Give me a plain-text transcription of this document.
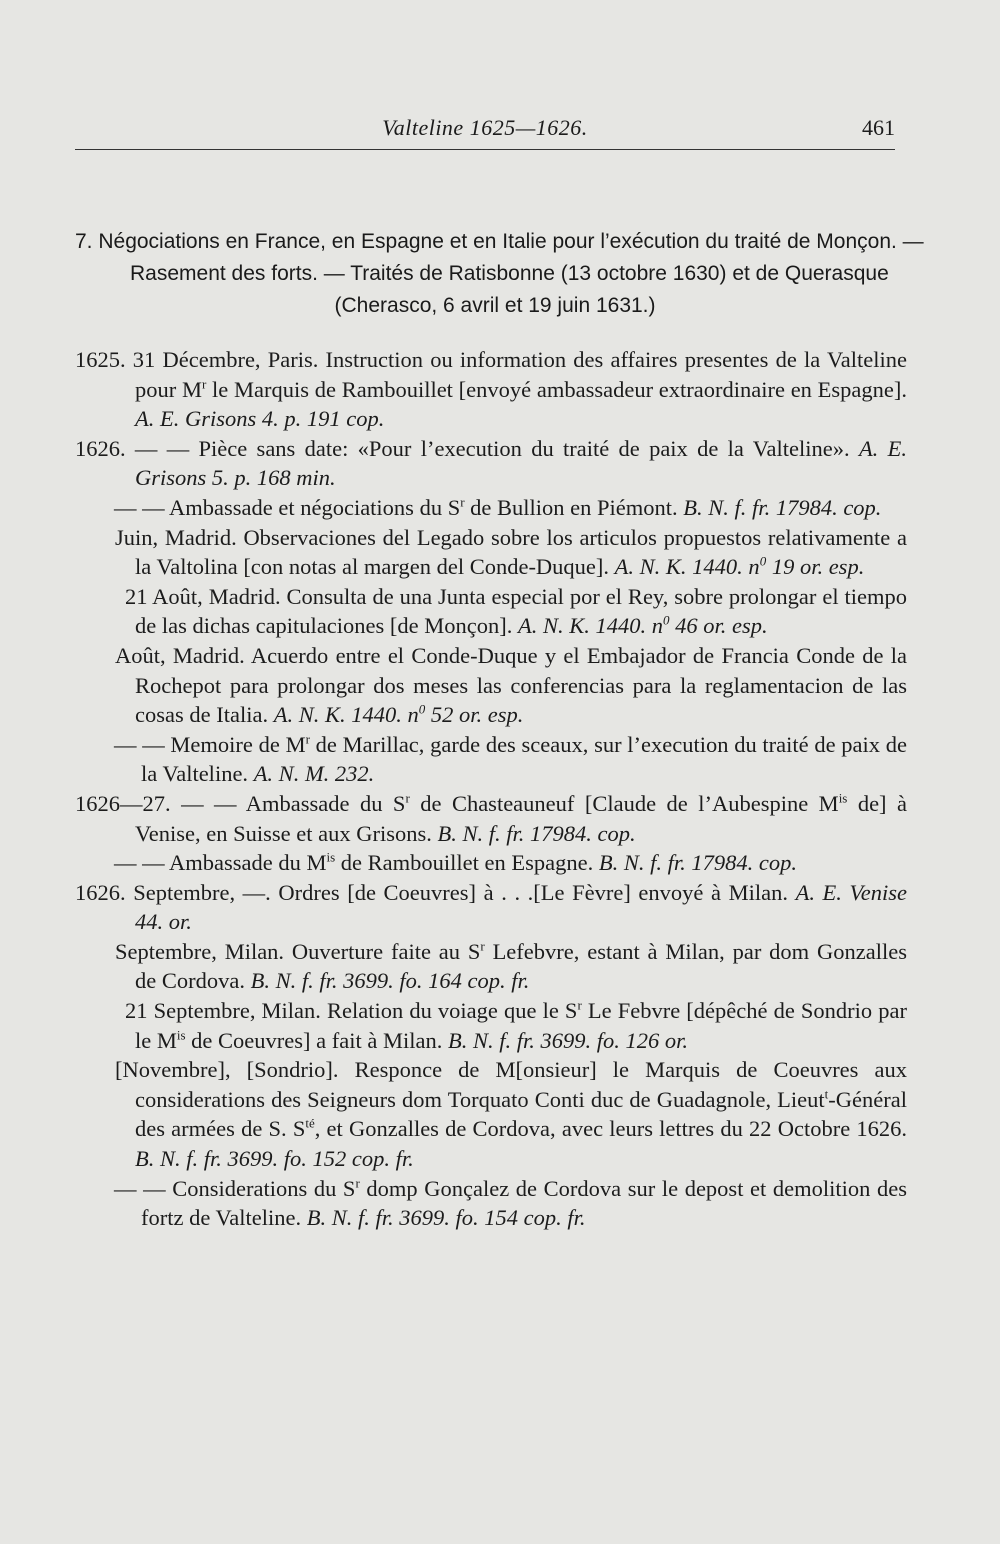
Valteline 1625—1626.	461
7. Négociations en France, en Espagne et en Italie pour l’exécution du traité de Monçon. —
Rasement des forts. — Traités de Ratisbonne (13 octobre 1630) et de Querasque
(Cherasco, 6 avril et 19 juin 1631.)
1625. 31 Décembre, Paris. Instruction ou information des affaires presentes de la Valteline pour $M^r$ le Marquis de Rambouillet [envoyé ambassadeur extraordinaire en Espagne]. A. E. Grisons 4. p. 191 cop.
1626. — — Pièce sans date: «Pour l’execution du traité de paix de la Valteline». A. E. Grisons 5. p. 168 min.
— — Ambassade et négociations du $S^r$ de Bullion en Piémont. B. N. f. fr. 17984. cop.
Juin, Madrid. Observaciones del Legado sobre los articulos propuestos relativamente a la Valtolina [con notas al margen del Conde-Duque]. A. N. K. 1440. n$^0$ 19 or. esp.
21 Août, Madrid. Consulta de una Junta especial por el Rey, sobre prolongar el tiempo de las dichas capitulaciones [de Monçon]. A. N. K. 1440. n$^0$ 46 or. esp.
Août, Madrid. Acuerdo entre el Conde-Duque y el Embajador de Francia Conde de la Rochepot para prolongar dos meses las conferencias para la reglamentacion de las cosas de Italia. A. N. K. 1440. n$^0$ 52 or. esp.
— — Memoire de $M^r$ de Marillac, garde des sceaux, sur l’execution du traité de paix de la Valteline. A. N. M. 232.
1626—27. — — Ambassade du $S^r$ de Chasteauneuf [Claude de l’Aubespine $M^{is}$ de] à Venise, en Suisse et aux Grisons. B. N. f. fr. 17984. cop.
— — Ambassade du $M^{is}$ de Rambouillet en Espagne. B. N. f. fr. 17984. cop.
1626. Septembre, —. Ordres [de Coeuvres] à . . .[Le Fèvre] envoyé à Milan. A. E. Venise 44. or.
Septembre, Milan. Ouverture faite au $S^r$ Lefebvre, estant à Milan, par dom Gonzalles de Cordova. B. N. f. fr. 3699. fo. 164 cop. fr.
21 Septembre, Milan. Relation du voiage que le $S^r$ Le Febvre [dépêché de Sondrio par le $M^{is}$ de Coeuvres] a fait à Milan. B. N. f. fr. 3699. fo. 126 or.
[Novembre], [Sondrio]. Responce de M[onsieur] le Marquis de Coeuvres aux considerations des Seigneurs dom Torquato Conti duc de Guadagnole, Lieut$^t$-Général des armées de S. $S^{té}$, et Gonzalles de Cordova, avec leurs lettres du 22 Octobre 1626. B. N. f. fr. 3699. fo. 152 cop. fr.
— — Considerations du $S^r$ domp Gonçalez de Cordova sur le depost et demolition des fortz de Valteline. B. N. f. fr. 3699. fo. 154 cop. fr.
